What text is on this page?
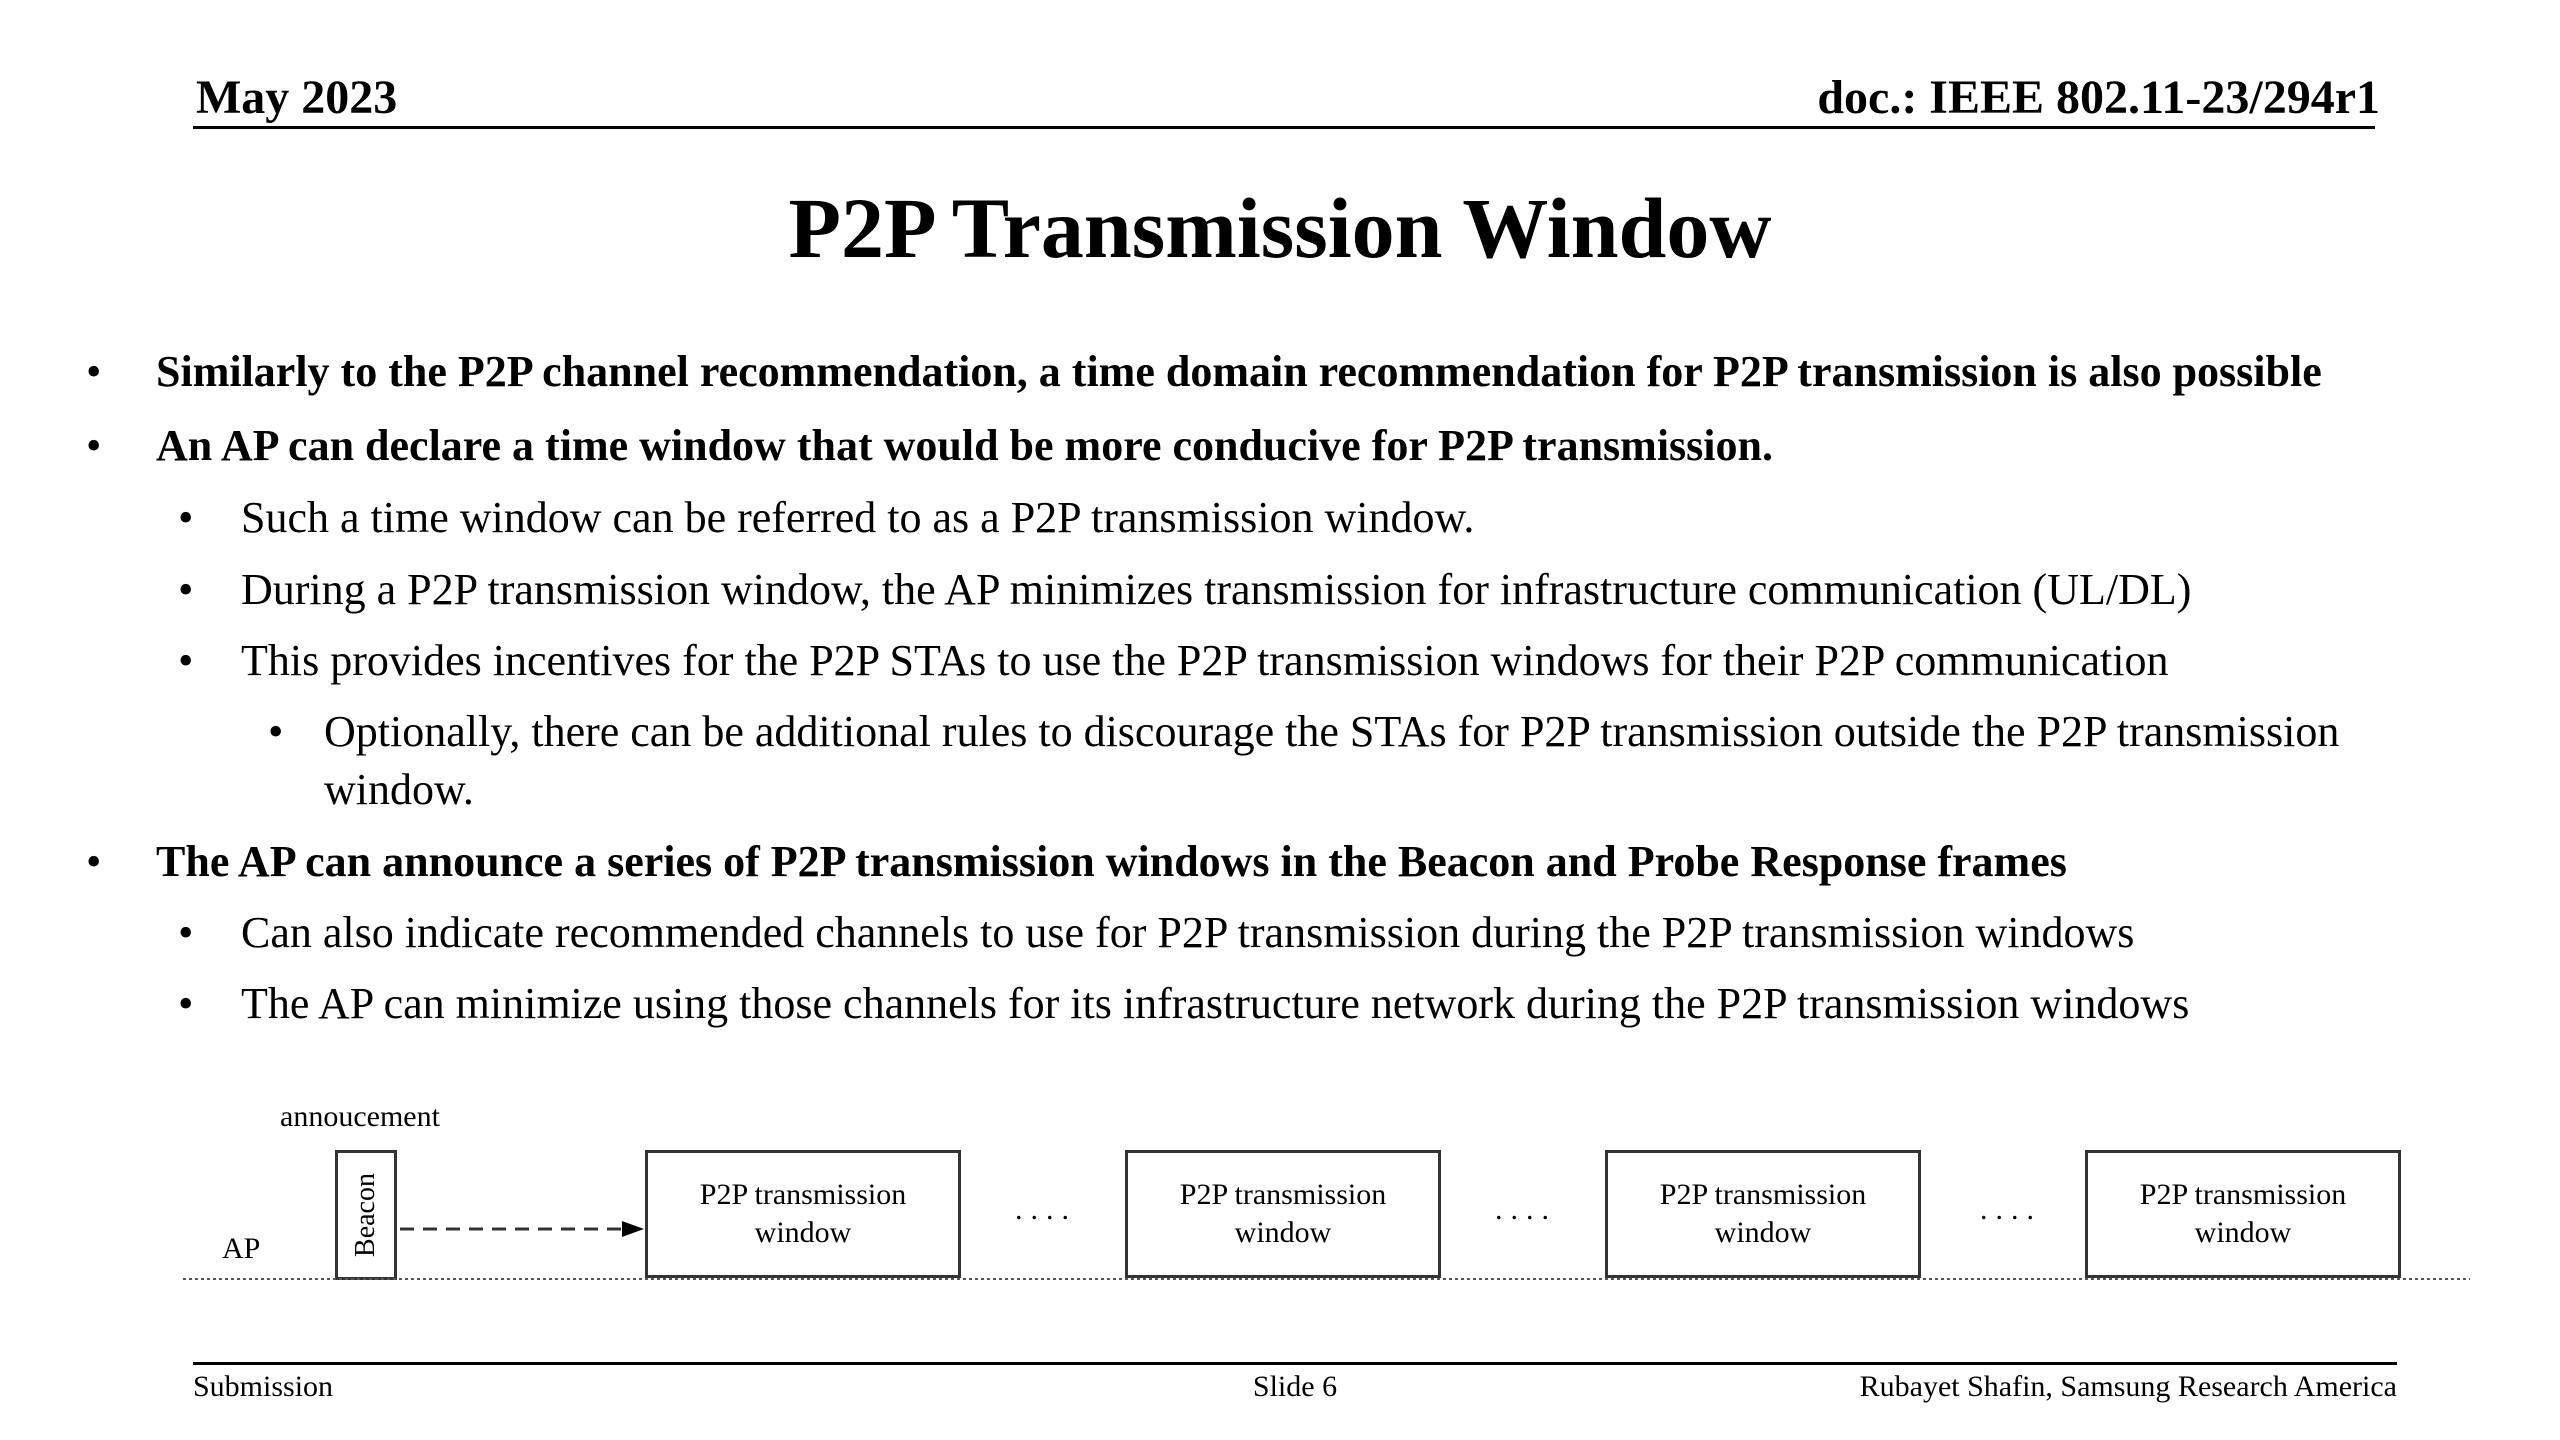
May 2023	doc.: IEEE 802.11-23/294r1
P2P Transmission Window
• Similarly to the P2P channel recommendation, a time domain recommendation for P2P transmission is also possible
• An AP can declare a time window that would be more conducive for P2P transmission.
• Such a time window can be referred to as a P2P transmission window.
• During a P2P transmission window, the AP minimizes transmission for infrastructure communication (UL/DL)
• This provides incentives for the P2P STAs to use the P2P transmission windows for their P2P communication
• Optionally, there can be additional rules to discourage the STAs for P2P transmission outside the P2P transmission
window.
• The AP can announce a series of P2P transmission windows in the Beacon and Probe Response frames
• Can also indicate recommended channels to use for P2P transmission during the P2P transmission windows
• The AP can minimize using those channels for its infrastructure network during the P2P transmission windows
annoucement
AP	Beacon	P2P transmission
window
....	P2P transmission
window
....	P2P transmission
window
....	P2P transmission
window
Submission	Slide 6	Rubayet Shafin, Samsung Research America
